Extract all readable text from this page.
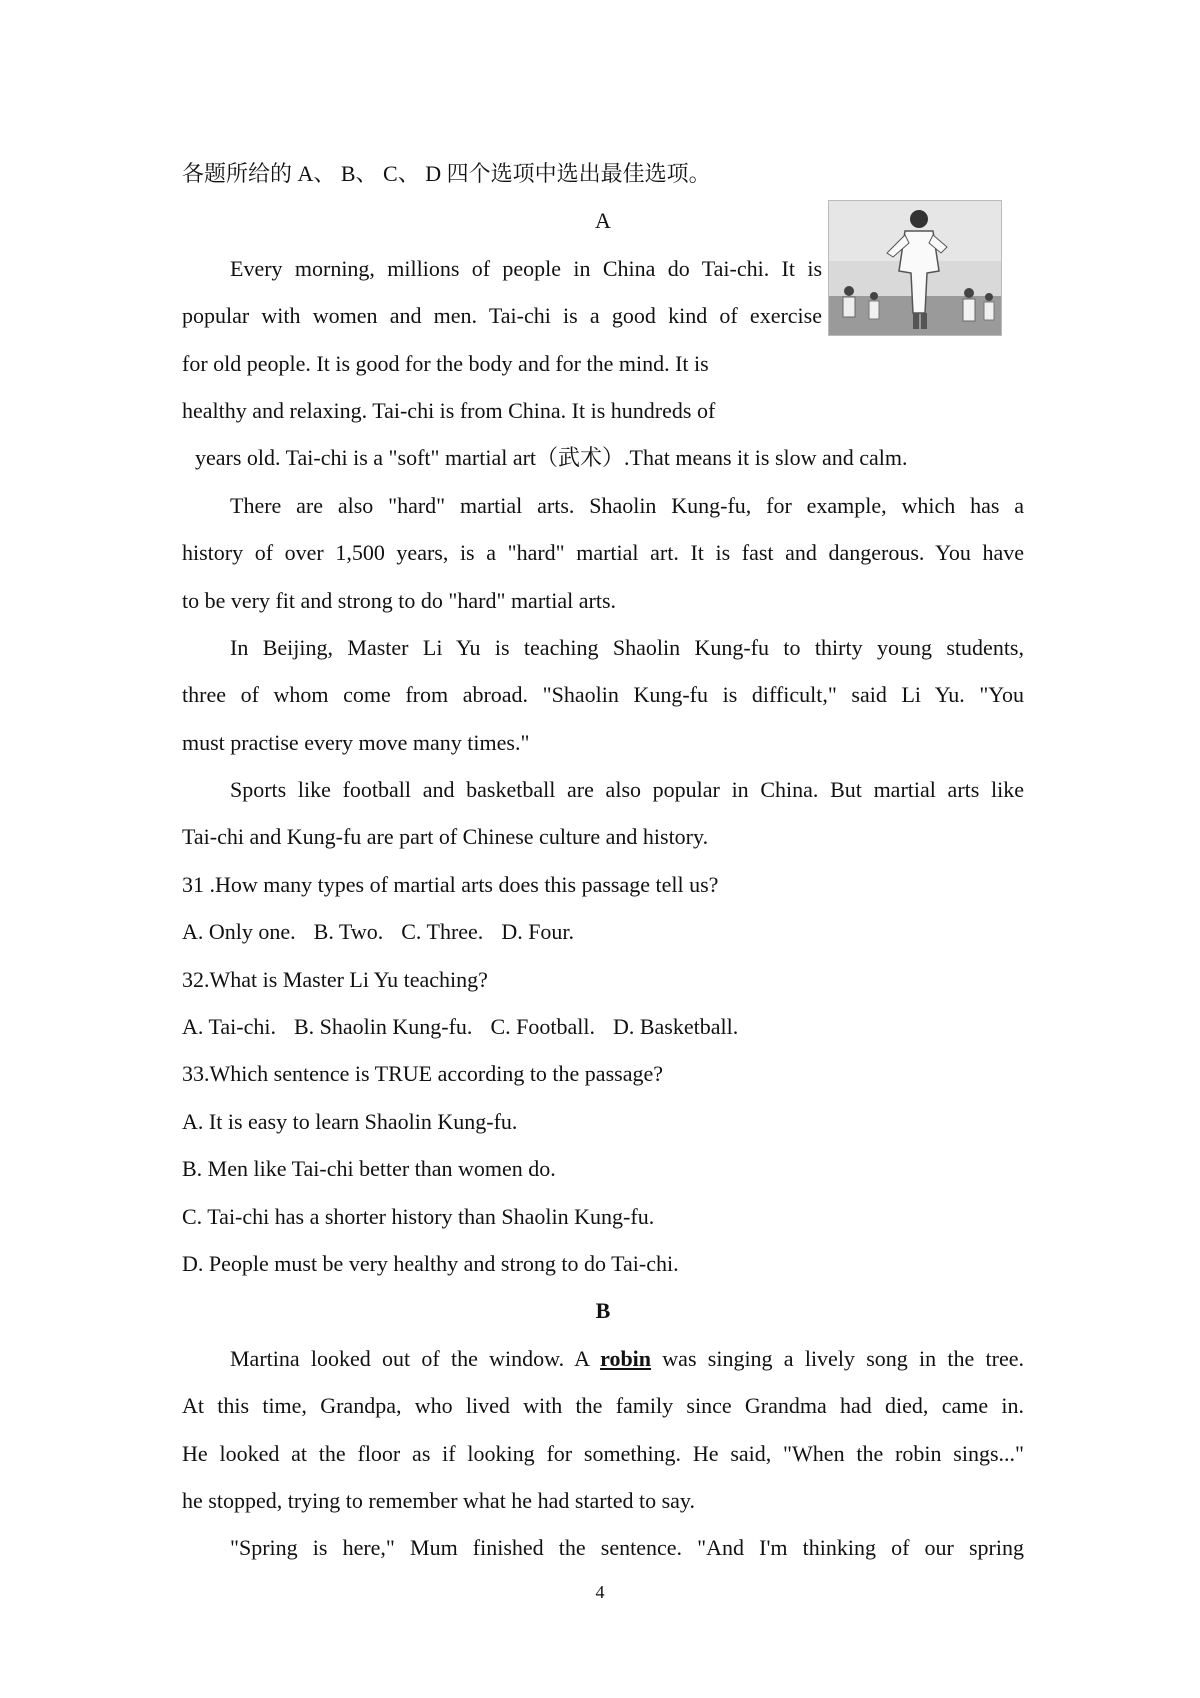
各题所给的 A、 B、 C、 D 四个选项中选出最佳选项。
A
Every morning, millions of people in China do Tai-chi. It is
popular with women and men. Tai-chi is a good kind of exercise
for old people. It is good for the body and for the mind. It is
healthy and relaxing. Tai-chi is from China. It is hundreds of
years old. Tai-chi is a "soft" martial art（武术）.That means it is slow and calm.
There are also "hard" martial arts. Shaolin Kung-fu, for example, which has a
history of over 1,500 years, is a "hard" martial art. It is fast and dangerous. You have
to be very fit and strong to do "hard" martial arts.
In Beijing, Master Li Yu is teaching Shaolin Kung-fu to thirty young students,
three of whom come from abroad. "Shaolin Kung-fu is difficult," said Li Yu. "You
must practise every move many times."
Sports like football and basketball are also popular in China. But martial arts like
Tai-chi and Kung-fu are part of Chinese culture and history.
31 .How many types of martial arts does this passage tell us?
A. Only one. B. Two. C. Three. D. Four.
32.What is Master Li Yu teaching?
A. Tai-chi. B. Shaolin Kung-fu. C. Football. D. Basketball.
33.Which sentence is TRUE according to the passage?
A. It is easy to learn Shaolin Kung-fu.
B. Men like Tai-chi better than women do.
C. Tai-chi has a shorter history than Shaolin Kung-fu.
D. People must be very healthy and strong to do Tai-chi.
B
Martina looked out of the window. A robin was singing a lively song in the tree.
At this time, Grandpa, who lived with the family since Grandma had died, came in.
He looked at the floor as if looking for something. He said, "When the robin sings..."
he stopped, trying to remember what he had started to say.
"Spring is here," Mum finished the sentence. "And I'm thinking of our spring
4
